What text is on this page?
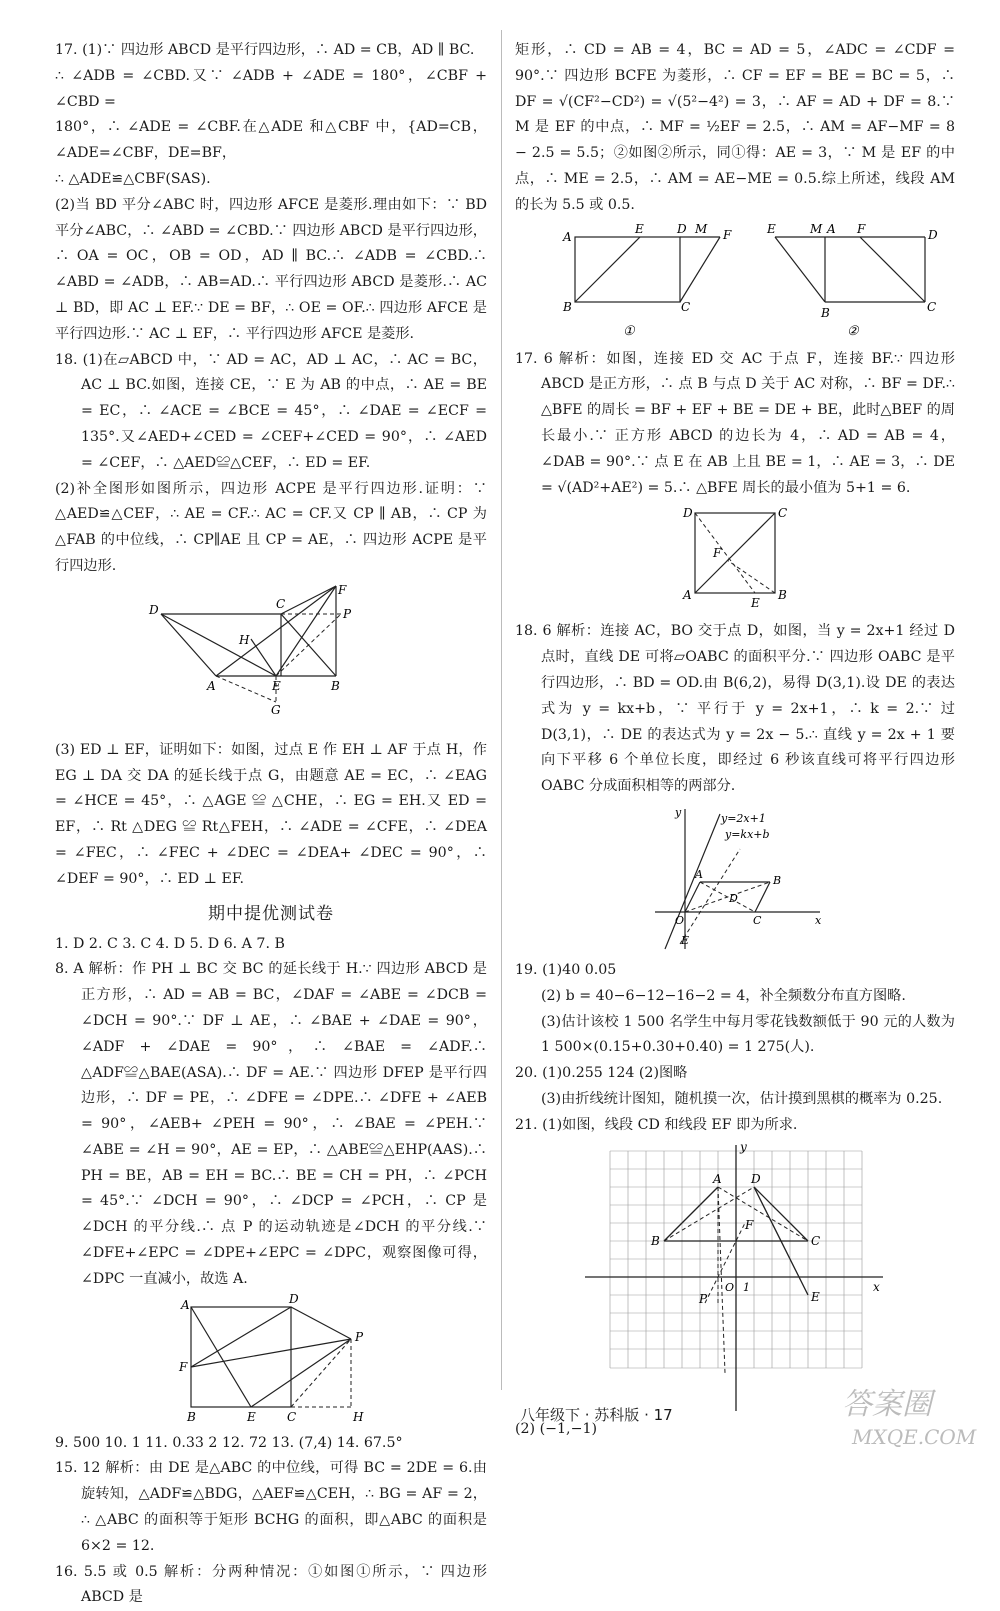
17. (1)∵ 四边形 ABCD 是平行四边形，∴ AD = CB，AD ∥ BC.

∴ ∠ADB = ∠CBD.又∵ ∠ADB + ∠ADE = 180°，∠CBF + ∠CBD =

180°，∴ ∠ADE = ∠CBF.在△ADE 和△CBF 中，{AD=CB，∠ADE=∠CBF，DE=BF，

∴ △ADE≌△CBF(SAS).

(2)当 BD 平分∠ABC 时，四边形 AFCE 是菱形.理由如下：∵ BD 平分∠ABC，∴ ∠ABD = ∠CBD.∵ 四边形 ABCD 是平行四边形，∴ OA = OC，OB = OD，AD ∥ BC.∴ ∠ADB = ∠CBD.∴ ∠ABD = ∠ADB，∴ AB=AD.∴ 平行四边形 ABCD 是菱形.∴ AC ⊥ BD，即 AC ⊥ EF.∵ DE = BF，∴ OE = OF.∴ 四边形 AFCE 是平行四边形.∵ AC ⊥ EF，∴ 平行四边形 AFCE 是菱形.

18. (1)在▱ABCD 中，∵ AD = AC，AD ⊥ AC，∴ AC = BC，AC ⊥ BC.如图，连接 CE，∵ E 为 AB 的中点，∴ AE = BE = EC，∴ ∠ACE = ∠BCE = 45°，∴ ∠DAE = ∠ECF = 135°.又∠AED+∠CED = ∠CEF+∠CED = 90°，∴ ∠AED = ∠CEF，∴ △AED≌△CEF，∴ ED = EF.

(2)补全图形如图所示，四边形 ACPE 是平行四边形.证明：∵ △AED≌△CEF，∴ AE = CF.∴ AC = CF.又 CP ∥ AB，∴ CP 为△FAB 的中位线，∴ CP∥AE 且 CP = AE，∴ 四边形 ACPE 是平行四边形.

D	C
F
P
H
A	E	B
G

(3) ED ⊥ EF，证明如下：如图，过点 E 作 EH ⊥ AF 于点 H，作 EG ⊥ DA 交 DA 的延长线于点 G，由题意 AE = EC，∴ ∠EAG = ∠HCE = 45°，∴ △AGE ≌ △CHE，∴ EG = EH.又 ED = EF，∴ Rt △DEG ≌ Rt△FEH，∴ ∠ADE = ∠CFE，∴ ∠DEA = ∠FEC，∴ ∠FEC + ∠DEC = ∠DEA+ ∠DEC = 90°，∴ ∠DEF = 90°，∴ ED ⊥ EF.

期中提优测试卷

1. D 2. C 3. C 4. D 5. D 6. A 7. B

8. A 解析：作 PH ⊥ BC 交 BC 的延长线于 H.∵ 四边形 ABCD 是正方形，∴ AD = AB = BC，∠DAF = ∠ABE = ∠DCB = ∠DCH = 90°.∵ DF ⊥ AE，∴ ∠BAE + ∠DAE = 90°，∠ADF + ∠DAE = 90°，∴ ∠BAE = ∠ADF.∴ △ADF≌△BAE(ASA).∴ DF = AE.∵ 四边形 DFEP 是平行四边形，∴ DF = PE，∴ ∠DFE = ∠DPE.∴ ∠DFE + ∠AEB = 90°，∠AEB+ ∠PEH = 90°，∴ ∠BAE = ∠PEH.∵ ∠ABE = ∠H = 90°，AE = EP，∴ △ABE≌△EHP(AAS).∴ PH = BE，AB = EH = BC.∴ BE = CH = PH，∴ ∠PCH = 45°.∵ ∠DCH = 90°，∴ ∠DCP = ∠PCH，∴ CP 是∠DCH 的平分线.∴ 点 P 的运动轨迹是∠DCH 的平分线.∵ ∠DFE+∠EPC = ∠DPE+∠EPC = ∠DPC，观察图像可得，∠DPC 一直减小，故选 A.

A	D
F
P
B	E	C	H

9. 500 10. 1 11. 0.33 2 12. 72 13. (7,4) 14. 67.5°

15. 12 解析：由 DE 是△ABC 的中位线，可得 BC = 2DE = 6.由旋转知，△ADF≌△BDG，△AEF≌△CEH，∴ BG = AF = 2，∴ △ABC 的面积等于矩形 BCHG 的面积，即△ABC 的面积是 6×2 = 12.

16. 5.5 或 0.5 解析：分两种情况：①如图①所示，∵ 四边形 ABCD 是

矩形，∴ CD = AB = 4，BC = AD = 5，∠ADC = ∠CDF = 90°.∵ 四边形 BCFE 为菱形，∴ CF = EF = BE = BC = 5，∴ DF = √(CF²−CD²) = √(5²−4²) = 3，∴ AF = AD + DF = 8.∵ M 是 EF 的中点，∴ MF = ½EF = 2.5，∴ AM = AF−MF = 8 − 2.5 = 5.5；②如图②所示，同①得：AE = 3，∵ M 是 EF 的中点，∴ ME = 2.5，∴ AM = AE−ME = 0.5.综上所述，线段 AM 的长为 5.5 或 0.5.

A
E	D M F
B	C
E	M A F	D
B	C
①	②

17. 6 解析：如图，连接 ED 交 AC 于点 F，连接 BF.∵ 四边形 ABCD 是正方形，∴ 点 B 与点 D 关于 AC 对称，∴ BF = DF.∴ △BFE 的周长 = BF + EF + BE = DE + BE，此时△BEF 的周长最小.∵ 正方形 ABCD 的边长为 4，∴ AD = AB = 4，∠DAB = 90°.∵ 点 E 在 AB 上且 BE = 1，∴ AE = 3，∴ DE = √(AD²+AE²) = 5.∴ △BFE 周长的最小值为 5+1 = 6.

D	C
F
A
E
B

18. 6 解析：连接 AC，BO 交于点 D，如图，当 y = 2x+1 经过 D 点时，直线 DE 可将▱OABC 的面积平分.∵ 四边形 OABC 是平行四边形，∴ BD = OD.由 B(6,2)，易得 D(3,1).设 DE 的表达式为 y = kx+b，∵ 平行于 y = 2x+1，∴ k = 2.∵ 过 D(3,1)，∴ DE 的表达式为 y = 2x − 5.∴ 直线 y = 2x + 1 要向下平移 6 个单位长度，即经过 6 秒该直线可将平行四边形 OABC 分成面积相等的两部分.

y
x
O	C
B
A
D
E
y=2x+1
y=kx+b

19. (1)40 0.05

(2) b = 40−6−12−16−2 = 4，补全频数分布直方图略.

(3)估计该校 1 500 名学生中每月零花钱数额低于 90 元的人数为 1 500×(0.15+0.30+0.40) = 1 275(人).

20. (1)0.255 124 (2)图略

(3)由折线统计图知，随机摸一次，估计摸到黑棋的概率为 0.25.

21. (1)如图，线段 CD 和线段 EF 即为所求.

A D
B	C
F
E
P
O 1
y
x

(2) (−1,−1)

八年级下 · 苏科版 · 17	答案圈
MXQE.COM
